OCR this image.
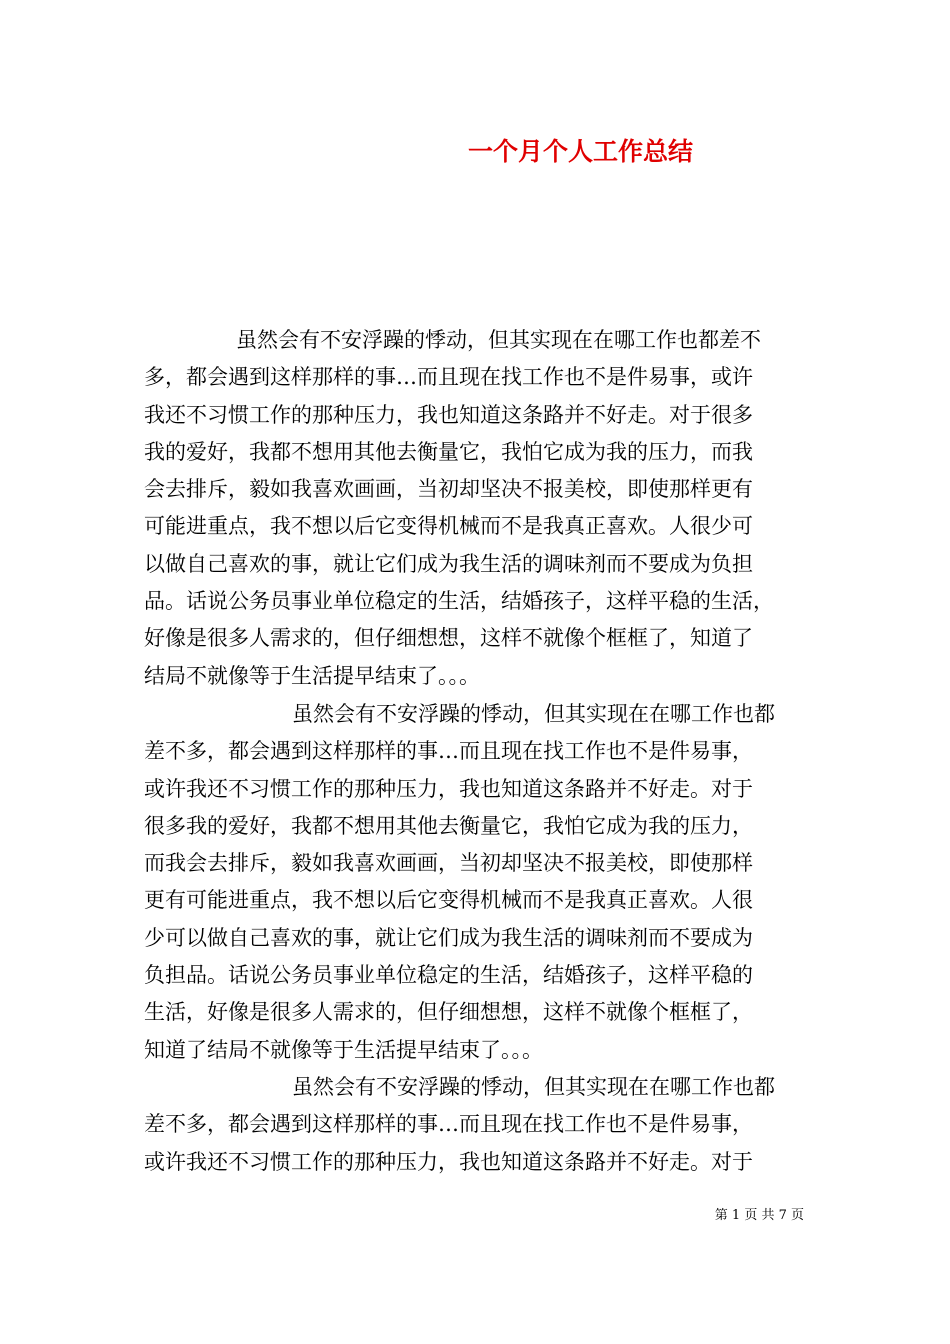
一个月个人工作总结
虽然会有不安浮躁的悸动，但其实现在在哪工作也都差不
多，都会遇到这样那样的事…而且现在找工作也不是件易事，或许
我还不习惯工作的那种压力，我也知道这条路并不好走。对于很多
我的爱好，我都不想用其他去衡量它，我怕它成为我的压力，而我
会去排斥，毅如我喜欢画画，当初却坚决不报美校，即使那样更有
可能进重点，我不想以后它变得机械而不是我真正喜欢。人很少可
以做自己喜欢的事，就让它们成为我生活的调味剂而不要成为负担
品。话说公务员事业单位稳定的生活，结婚孩子，这样平稳的生活，
好像是很多人需求的，但仔细想想，这样不就像个框框了，知道了
结局不就像等于生活提早结束了。。。
虽然会有不安浮躁的悸动，但其实现在在哪工作也都
差不多，都会遇到这样那样的事…而且现在找工作也不是件易事，
或许我还不习惯工作的那种压力，我也知道这条路并不好走。对于
很多我的爱好，我都不想用其他去衡量它，我怕它成为我的压力，
而我会去排斥，毅如我喜欢画画，当初却坚决不报美校，即使那样
更有可能进重点，我不想以后它变得机械而不是我真正喜欢。人很
少可以做自己喜欢的事，就让它们成为我生活的调味剂而不要成为
负担品。话说公务员事业单位稳定的生活，结婚孩子，这样平稳的
生活，好像是很多人需求的，但仔细想想，这样不就像个框框了，
知道了结局不就像等于生活提早结束了。。。
虽然会有不安浮躁的悸动，但其实现在在哪工作也都
差不多，都会遇到这样那样的事…而且现在找工作也不是件易事，
或许我还不习惯工作的那种压力，我也知道这条路并不好走。对于
第 1 页 共 7 页
